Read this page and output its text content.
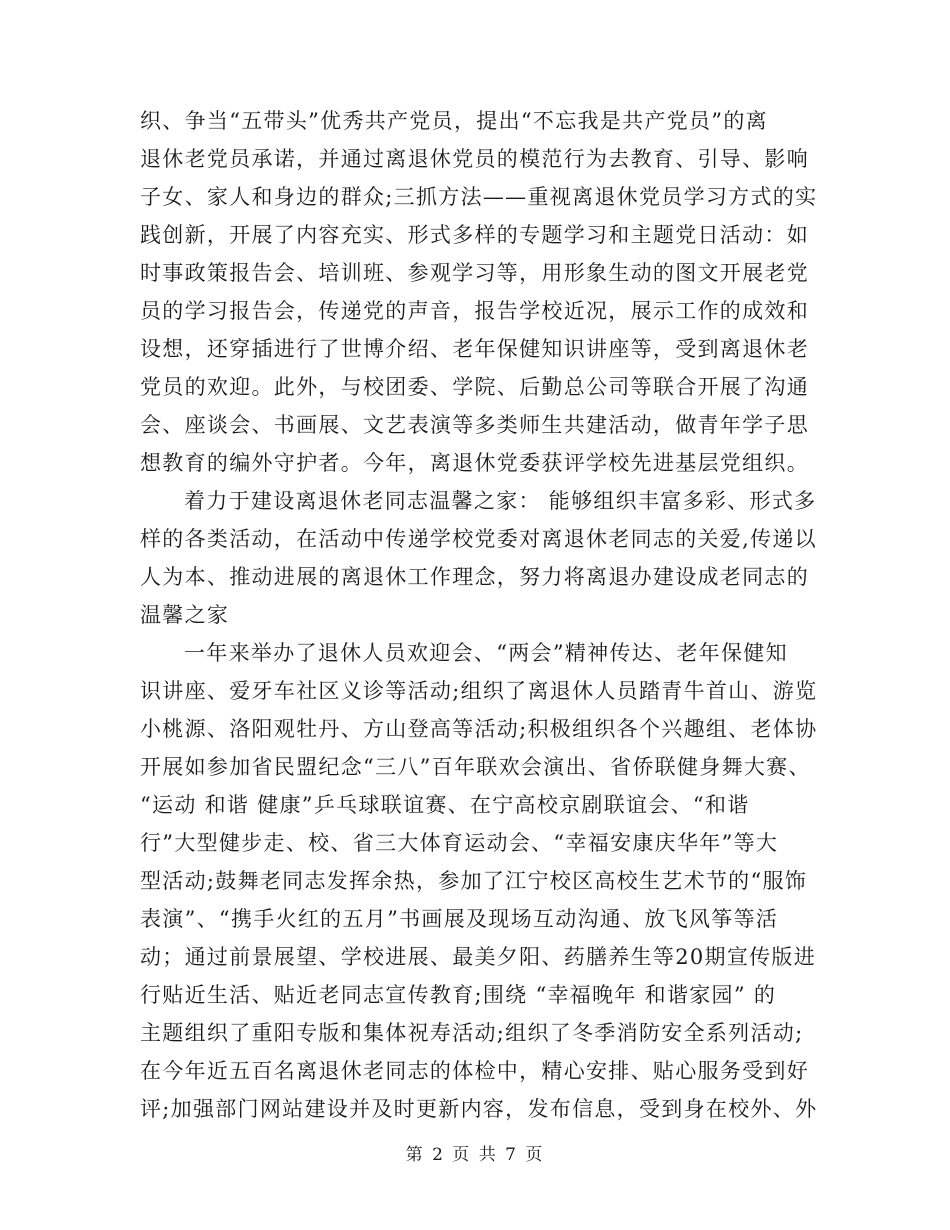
织、争当“五带头”优秀共产党员，提出“不忘我是共产党员”的离
退休老党员承诺，并通过离退休党员的模范行为去教育、引导、影响
子女、家人和身边的群众;三抓方法——重视离退休党员学习方式的实
践创新，开展了内容充实、形式多样的专题学习和主题党日活动：如
时事政策报告会、培训班、参观学习等，用形象生动的图文开展老党
员的学习报告会，传递党的声音，报告学校近况，展示工作的成效和
设想，还穿插进行了世博介绍、老年保健知识讲座等，受到离退休老
党员的欢迎。此外，与校团委、学院、后勤总公司等联合开展了沟通
会、座谈会、书画展、文艺表演等多类师生共建活动，做青年学子思
想教育的编外守护者。今年，离退休党委获评学校先进基层党组织。
着力于建设离退休老同志温馨之家： 能够组织丰富多彩、形式多
样的各类活动，在活动中传递学校党委对离退休老同志的关爱,传递以
人为本、推动进展的离退休工作理念，努力将离退办建设成老同志的
温馨之家
一年来举办了退休人员欢迎会、“两会”精神传达、老年保健知
识讲座、爱牙车社区义诊等活动;组织了离退休人员踏青牛首山、游览
小桃源、洛阳观牡丹、方山登高等活动;积极组织各个兴趣组、老体协
开展如参加省民盟纪念“三八”百年联欢会演出、省侨联健身舞大赛、
“运动 和谐 健康”乒乓球联谊赛、在宁高校京剧联谊会、“和谐
行”大型健步走、校、省三大体育运动会、“幸福安康庆华年”等大
型活动;鼓舞老同志发挥余热，参加了江宁校区高校生艺术节的“服饰
表演”、“携手火红的五月”书画展及现场互动沟通、放飞风筝等活
动；通过前景展望、学校进展、最美夕阳、药膳养生等20期宣传版进
行贴近生活、贴近老同志宣传教育;围绕 “幸福晚年 和谐家园” 的
主题组织了重阳专版和集体祝寿活动;组织了冬季消防安全系列活动;
在今年近五百名离退休老同志的体检中，精心安排、贴心服务受到好
评;加强部门网站建设并及时更新内容，发布信息，受到身在校外、外
第 2 页 共 7 页
